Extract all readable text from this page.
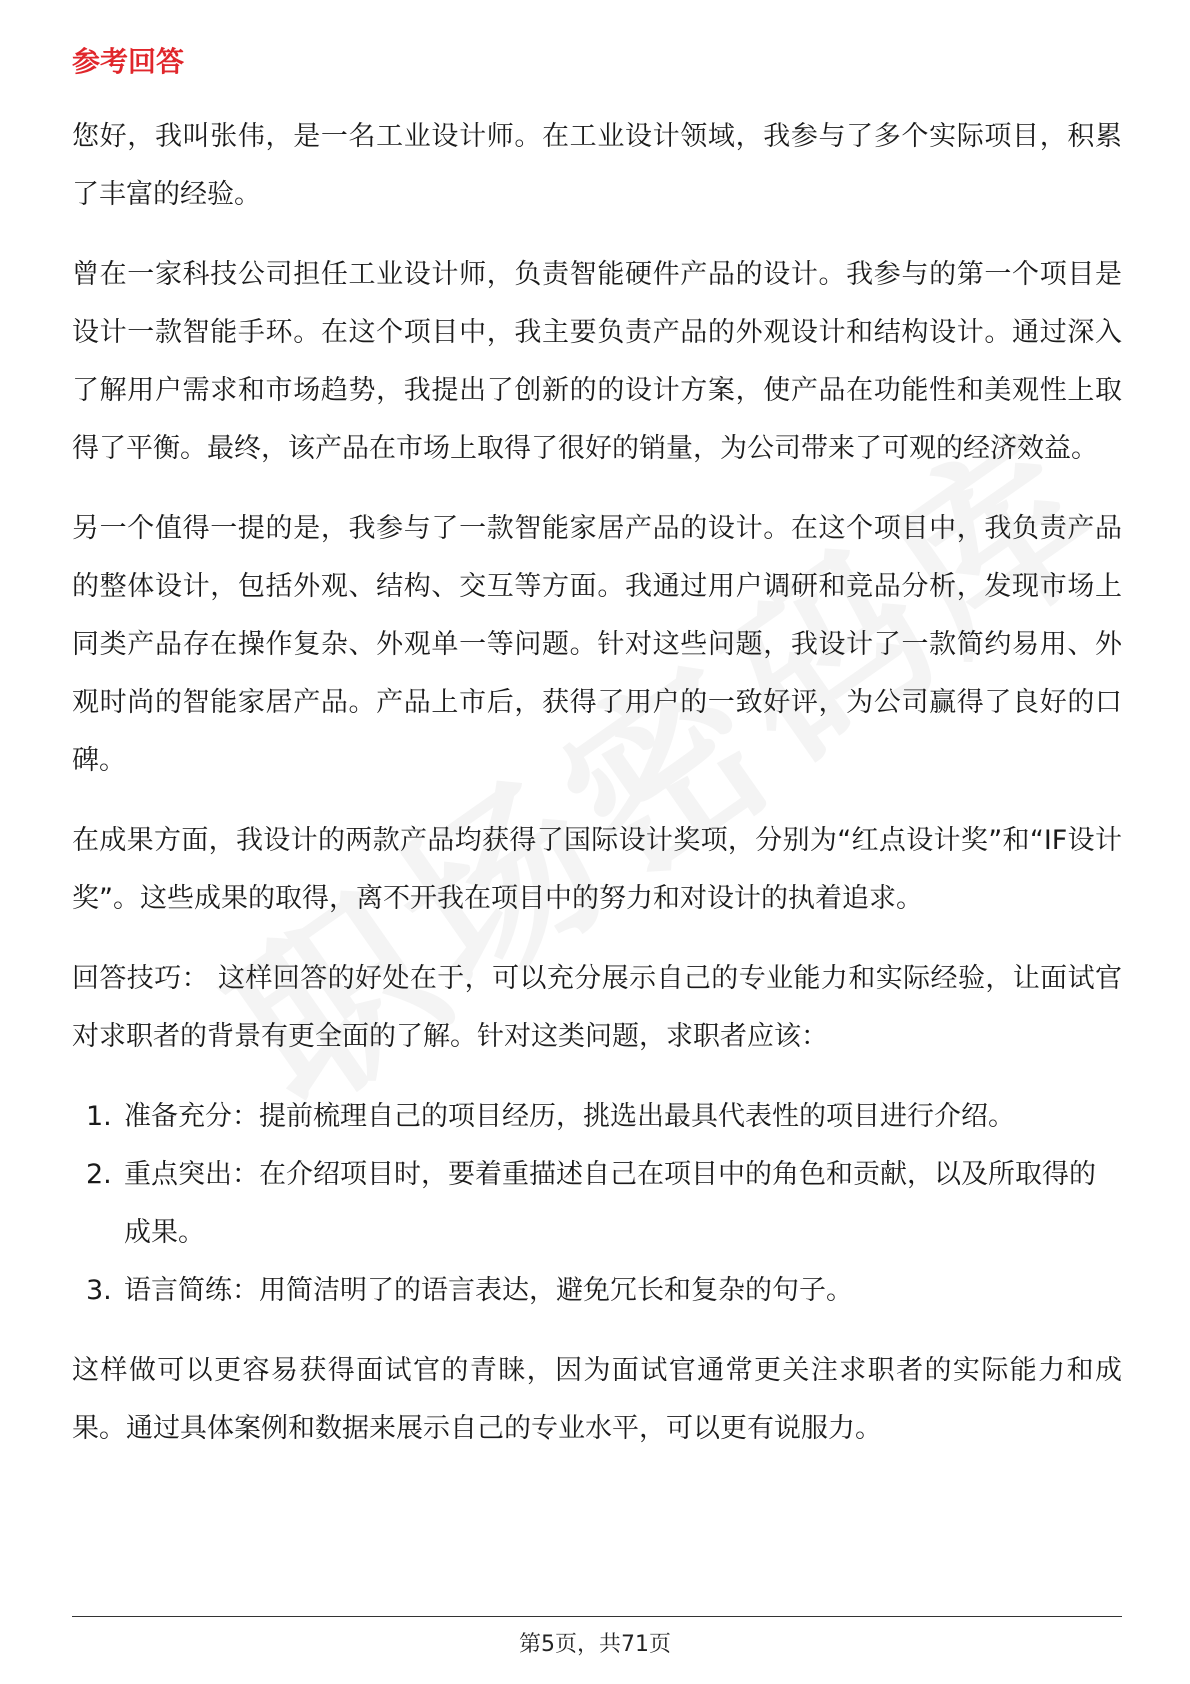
参考回答

您好，我叫张伟，是一名工业设计师。在工业设计领域，我参与了多个实际项目，积累了丰富的经验。

曾在一家科技公司担任工业设计师，负责智能硬件产品的设计。我参与的第一个项目是设计一款智能手环。在这个项目中，我主要负责产品的外观设计和结构设计。通过深入了解用户需求和市场趋势，我提出了创新的的设计方案，使产品在功能性和美观性上取得了平衡。最终，该产品在市场上取得了很好的销量，为公司带来了可观的经济效益。

另一个值得一提的是，我参与了一款智能家居产品的设计。在这个项目中，我负责产品的整体设计，包括外观、结构、交互等方面。我通过用户调研和竞品分析，发现市场上同类产品存在操作复杂、外观单一等问题。针对这些问题，我设计了一款简约易用、外观时尚的智能家居产品。产品上市后，获得了用户的一致好评，为公司赢得了良好的口碑。

在成果方面，我设计的两款产品均获得了国际设计奖项，分别为“红点设计奖”和“IF设计奖”。这些成果的取得，离不开我在项目中的努力和对设计的执着追求。

回答技巧： 这样回答的好处在于，可以充分展示自己的专业能力和实际经验，让面试官对求职者的背景有更全面的了解。针对这类问题，求职者应该：

1. 准备充分：提前梳理自己的项目经历，挑选出最具代表性的项目进行介绍。
2. 重点突出：在介绍项目时，要着重描述自己在项目中的角色和贡献，以及所取得的成果。
3. 语言简练：用简洁明了的语言表达，避免冗长和复杂的句子。

这样做可以更容易获得面试官的青睐，因为面试官通常更关注求职者的实际能力和成果。通过具体案例和数据来展示自己的专业水平，可以更有说服力。

第5页，共71页
